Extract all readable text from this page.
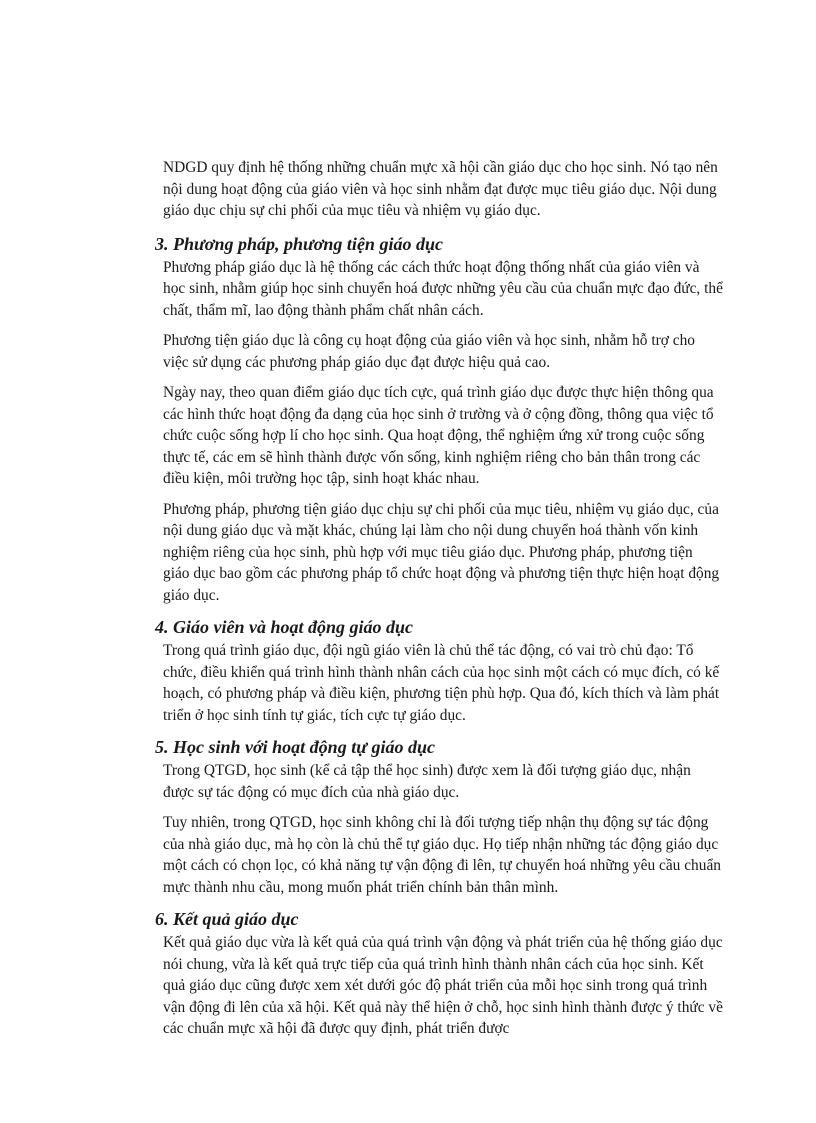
NDGD quy định hệ thống những chuẩn mực xã hội cần giáo dục cho học sinh. Nó tạo nên nội dung hoạt động của giáo viên và học sinh nhằm đạt được mục tiêu giáo dục. Nội dung giáo dục chịu sự chi phối của mục tiêu và nhiệm vụ giáo dục.

3. Phương pháp, phương tiện giáo dục

Phương pháp giáo dục là hệ thống các cách thức hoạt động thống nhất của giáo viên và học sinh, nhằm giúp học sinh chuyển hoá được những yêu cầu của chuẩn mực đạo đức, thể chất, thẩm mĩ, lao động thành phẩm chất nhân cách.

Phương tiện giáo dục là công cụ hoạt động của giáo viên và học sinh, nhằm hỗ trợ cho việc sử dụng các phương pháp giáo dục đạt được hiệu quả cao.

Ngày nay, theo quan điểm giáo dục tích cực, quá trình giáo dục được thực hiện thông qua các hình thức hoạt động đa dạng của học sinh ở trường và ở cộng đồng, thông qua việc tổ chức cuộc sống hợp lí cho học sinh. Qua hoạt động, thể nghiệm ứng xử trong cuộc sống thực tế, các em sẽ hình thành được vốn sống, kinh nghiệm riêng cho bản thân trong các điều kiện, môi trường học tập, sinh hoạt khác nhau.

Phương pháp, phương tiện giáo dục chịu sự chi phối của mục tiêu, nhiệm vụ giáo dục, của nội dung giáo dục và mặt khác, chúng lại làm cho nội dung chuyển hoá thành vốn kinh nghiệm riêng của học sinh, phù hợp với mục tiêu giáo dục. Phương pháp, phương tiện giáo dục bao gồm các phương pháp tổ chức hoạt động và phương tiện thực hiện hoạt động giáo dục.

4. Giáo viên và hoạt động giáo dục

Trong quá trình giáo dục, đội ngũ giáo viên là chủ thể tác động, có vai trò chủ đạo: Tổ chức, điều khiển quá trình hình thành nhân cách của học sinh một cách có mục đích, có kế hoạch, có phương pháp và điều kiện, phương tiện phù hợp. Qua đó, kích thích và làm phát triển ở học sinh tính tự giác, tích cực tự giáo dục.

5. Học sinh với hoạt động tự giáo dục

Trong QTGD, học sinh (kể cả tập thể học sinh) được xem là đối tượng giáo dục, nhận được sự tác động có mục đích của nhà giáo dục.

Tuy nhiên, trong QTGD, học sinh không chỉ là đối tượng tiếp nhận thụ động sự tác động của nhà giáo dục, mà họ còn là chủ thể tự giáo dục. Họ tiếp nhận những tác động giáo dục một cách có chọn lọc, có khả năng tự vận động đi lên, tự chuyển hoá những yêu cầu chuẩn mực thành nhu cầu, mong muốn phát triển chính bản thân mình.

6. Kết quả giáo dục

Kết quả giáo dục vừa là kết quả của quá trình vận động và phát triển của hệ thống giáo dục nói chung, vừa là kết quả trực tiếp của quá trình hình thành nhân cách của học sinh. Kết quả giáo dục cũng được xem xét dưới góc độ phát triển của mỗi học sinh trong quá trình vận động đi lên của xã hội. Kết quả này thể hiện ở chỗ, học sinh hình thành được ý thức về các chuẩn mực xã hội đã được quy định, phát triển được
